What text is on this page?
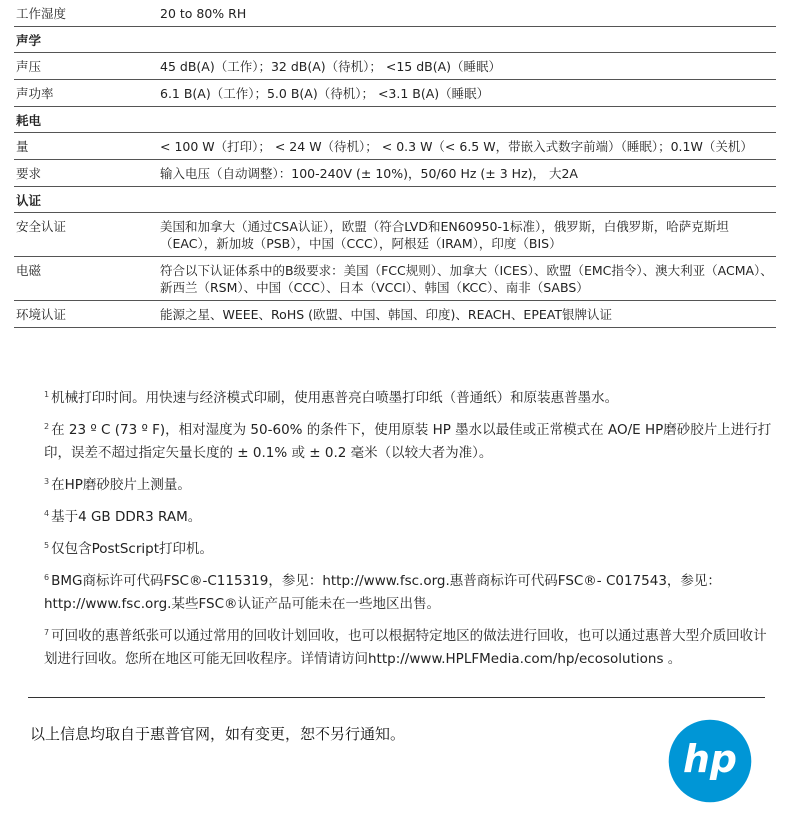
工作湿度	20 to 80% RH
声学
声压	45 dB(A)（工作）；32 dB(A)（待机）； <15 dB(A)（睡眠）
声功率	6.1 B(A)（工作）；5.0 B(A)（待机）； <3.1 B(A)（睡眠）
耗电
量	< 100 W（打印）； < 24 W（待机）； < 0.3 W（< 6.5 W，带嵌入式数字前端）（睡眠）；0.1W（关机）
要求	输入电压（自动调整）：100-240V (± 10%)，50/60 Hz (± 3 Hz)， 大2A
认证
安全认证	美国和加拿大（通过CSA认证），欧盟（符合LVD和EN60950-1标准），俄罗斯，白俄罗斯，哈萨克斯坦（EAC），新加坡（PSB），中国（CCC），阿根廷（IRAM），印度（BIS）
电磁	符合以下认证体系中的B级要求：美国（FCC规则）、加拿大（ICES）、欧盟（EMC指令）、澳大利亚（ACMA）、新西兰（RSM）、中国（CCC）、日本（VCCI）、韩国（KCC）、南非（SABS）
环境认证	能源之星、WEEE、RoHS (欧盟、中国、韩国、印度)、REACH、EPEAT银牌认证
$^1$ 机械打印时间。用快速与经济模式印刷，使用惠普亮白喷墨打印纸（普通纸）和原装惠普墨水。
$^2$ 在 23 º C (73 º F)，相对湿度为 50-60% 的条件下，使用原装 HP 墨水以最佳或正常模式在 AO/E HP磨砂胶片上进行打印，误差不超过指定矢量长度的 ± 0.1% 或 ± 0.2 毫米（以较大者为准）。
$^3$ 在HP磨砂胶片上测量。
$^4$ 基于4 GB DDR3 RAM。
$^5$ 仅包含PostScript打印机。
$^6$ BMG商标许可代码FSC®-C115319，参见：http://www.fsc.org.惠普商标许可代码FSC®- C017543，参见：http://www.fsc.org.某些FSC®认证产品可能未在一些地区出售。
$^7$ 可回收的惠普纸张可以通过常用的回收计划回收，也可以根据特定地区的做法进行回收，也可以通过惠普大型介质回收计划进行回收。您所在地区可能无回收程序。详情请访问http://www.HPLFMedia.com/hp/ecosolutions 。
以上信息均取自于惠普官网，如有变更，恕不另行通知。
hp
